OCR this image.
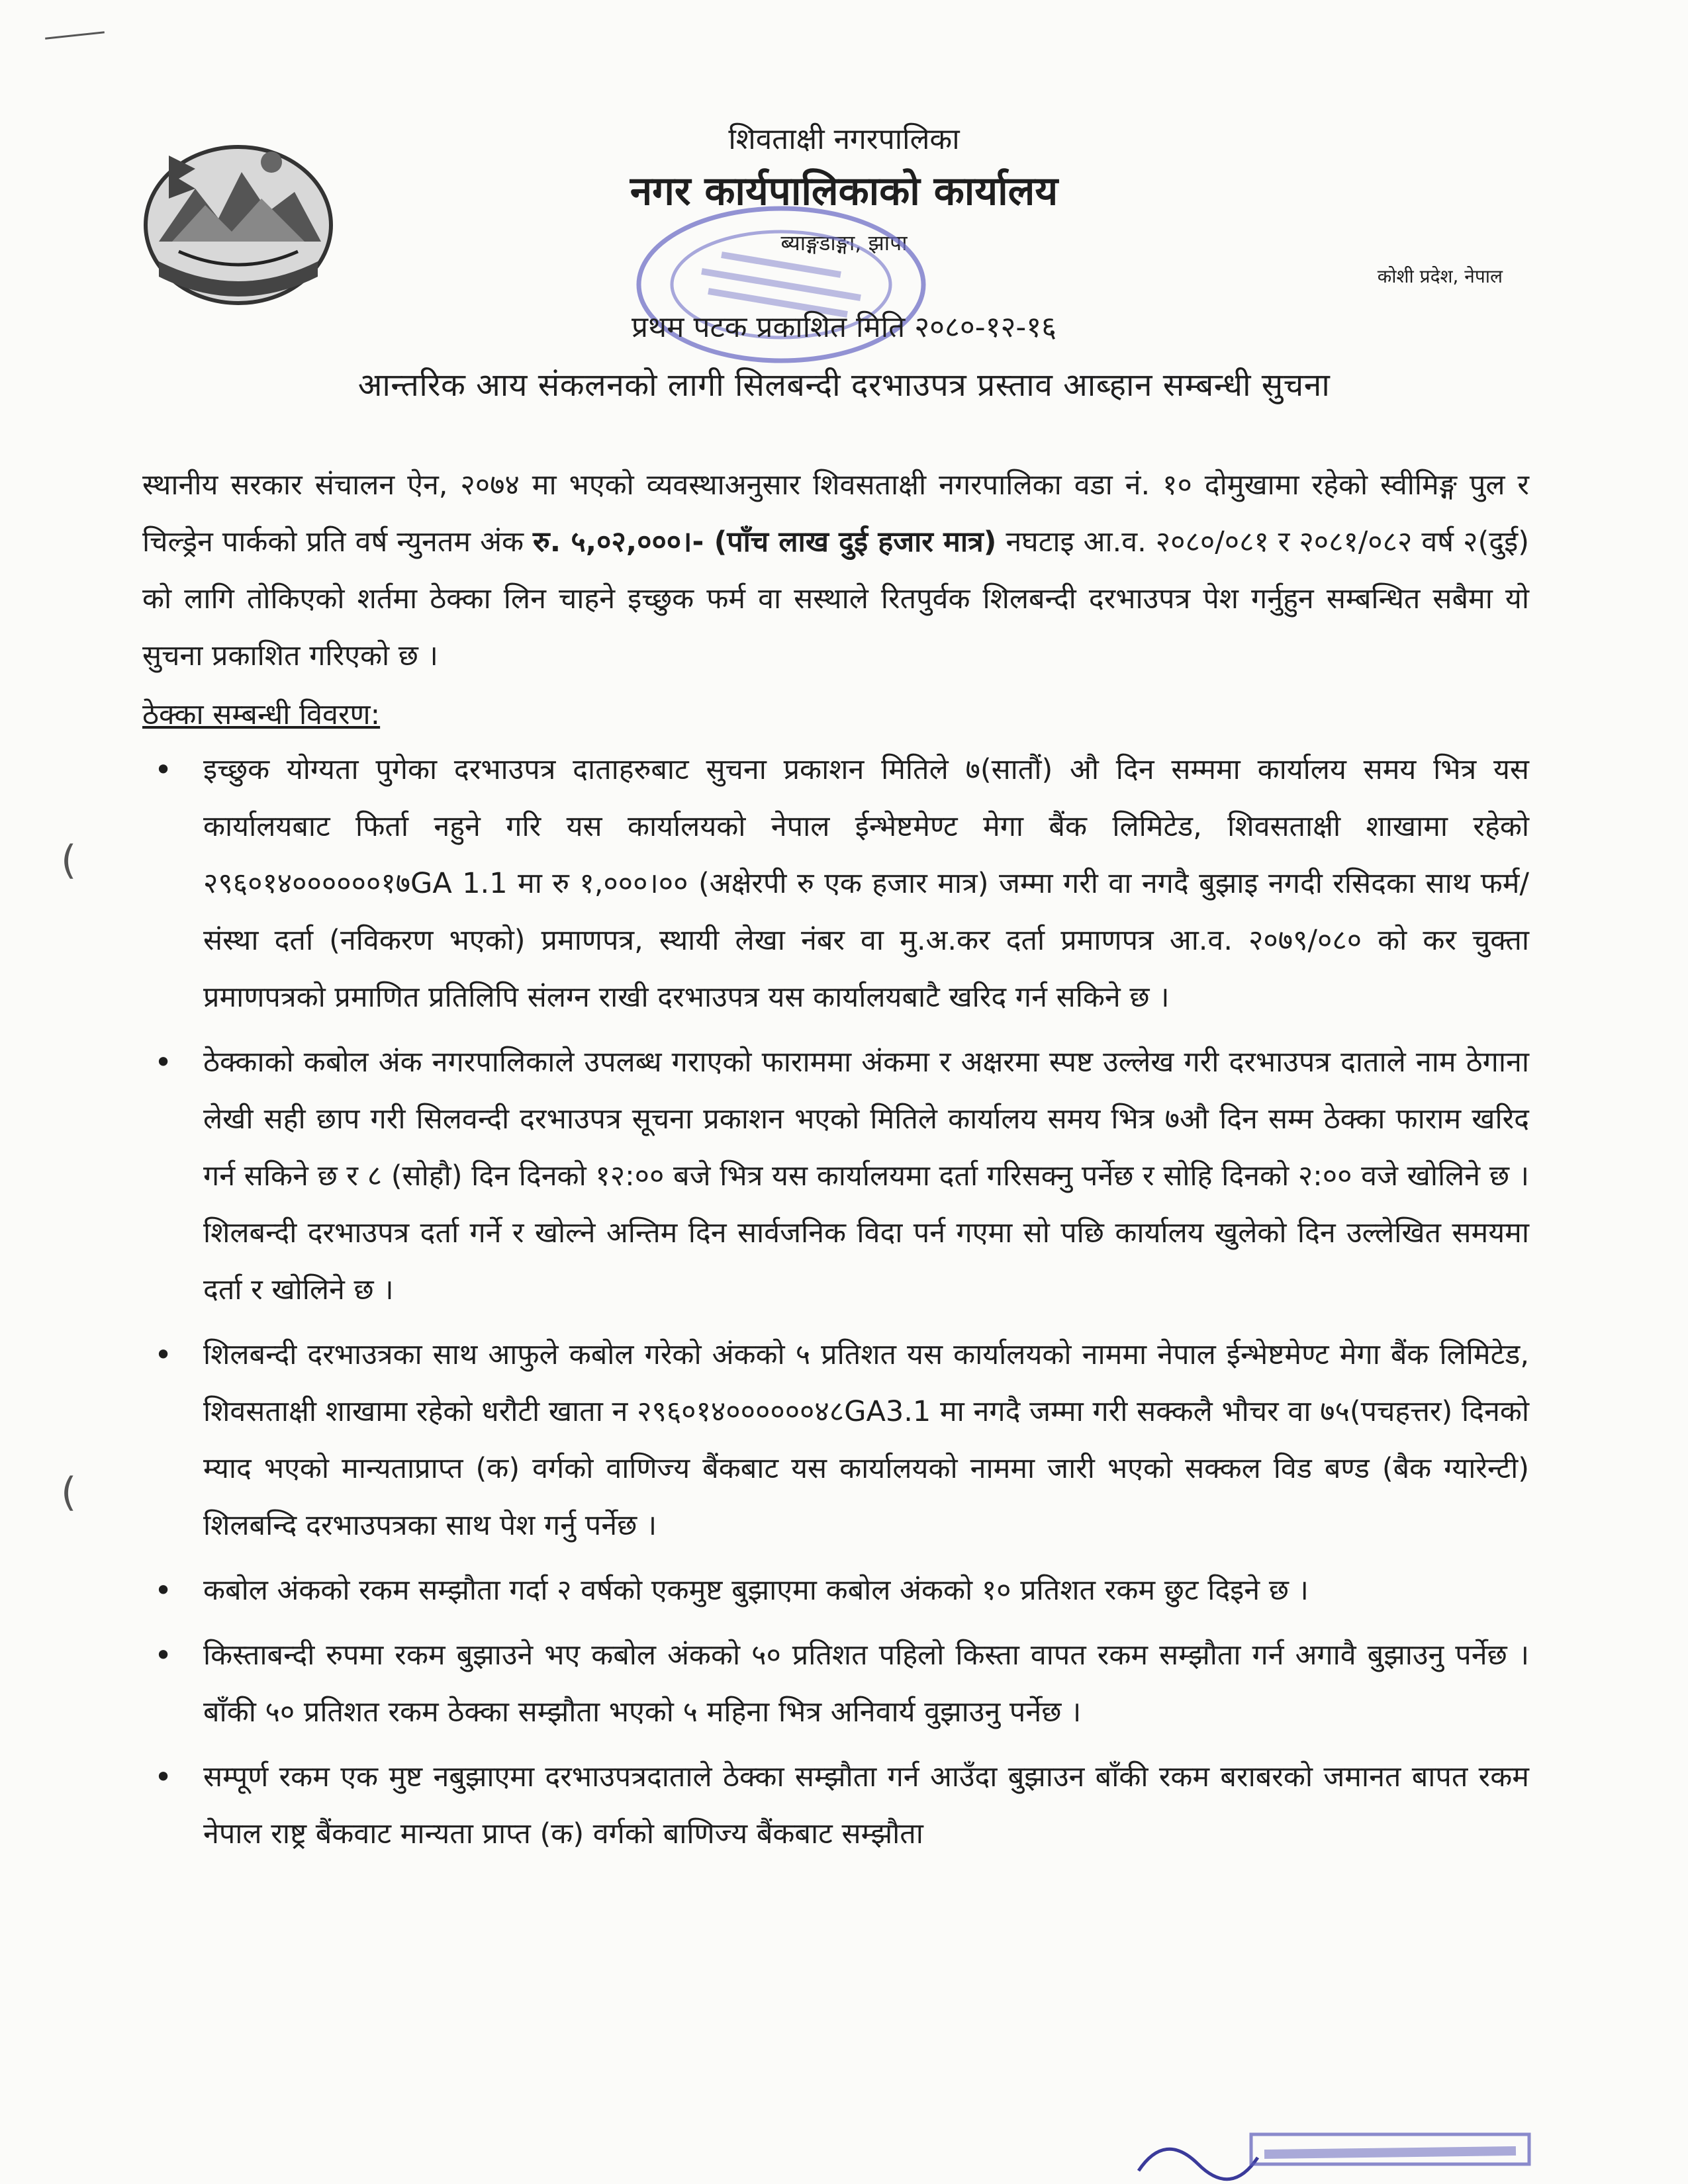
शिवताक्षी नगरपालिका
नगर कार्यपालिकाको कार्यालय
ब्याङ्गडाङ्गा, झापा
कोशी प्रदेश, नेपाल
प्रथम पटक प्रकाशित मिति २०८०-१२-१६
आन्तरिक आय संकलनको लागी सिलबन्दी दरभाउपत्र प्रस्ताव आब्हान सम्बन्धी सुचना
स्थानीय सरकार संचालन ऐन, २०७४ मा भएको व्यवस्थाअनुसार शिवसताक्षी नगरपालिका वडा नं. १० दोमुखामा रहेको स्वीमिङ्ग पुल र चिल्ड्रेन पार्कको प्रति वर्ष न्युनतम अंक रु. ५,०२,०००।- (पाँच लाख दुई हजार मात्र) नघटाइ आ.व. २०८०/०८१ र २०८१/०८२ वर्ष २(दुई) को लागि तोकिएको शर्तमा ठेक्का लिन चाहने इच्छुक फर्म वा सस्थाले रितपुर्वक शिलबन्दी दरभाउपत्र पेश गर्नुहुन सम्बन्धित सबैमा यो सुचना प्रकाशित गरिएको छ ।
ठेक्का सम्बन्धी विवरण:
• इच्छुक योग्यता पुगेका दरभाउपत्र दाताहरुबाट सुचना प्रकाशन मितिले ७(सातौं) औ दिन सम्ममा कार्यालय समय भित्र यस कार्यालयबाट फिर्ता नहुने गरि यस कार्यालयको नेपाल ईन्भेष्टमेण्ट मेगा बैंक लिमिटेड, शिवसताक्षी शाखामा रहेको २९६०१४००००००१७GA 1.1 मा रु १,०००।०० (अक्षेरपी रु एक हजार मात्र) जम्मा गरी वा नगदै बुझाइ नगदी रसिदका साथ फर्म/संस्था दर्ता (नविकरण भएको) प्रमाणपत्र, स्थायी लेखा नंबर वा मु.अ.कर दर्ता प्रमाणपत्र आ.व. २०७९/०८० को कर चुक्ता प्रमाणपत्रको प्रमाणित प्रतिलिपि संलग्न राखी दरभाउपत्र यस कार्यालयबाटै खरिद गर्न सकिने छ ।
• ठेक्काको कबोल अंक नगरपालिकाले उपलब्ध गराएको फाराममा अंकमा र अक्षरमा स्पष्ट उल्लेख गरी दरभाउपत्र दाताले नाम ठेगाना लेखी सही छाप गरी सिलवन्दी दरभाउपत्र सूचना प्रकाशन भएको मितिले कार्यालय समय भित्र ७औ दिन सम्म ठेक्का फाराम खरिद गर्न सकिने छ र ८ (सोहौ) दिन दिनको १२:०० बजे भित्र यस कार्यालयमा दर्ता गरिसक्नु पर्नेछ र सोहि दिनको २:०० वजे खोलिने छ । शिलबन्दी दरभाउपत्र दर्ता गर्ने र खोल्ने अन्तिम दिन सार्वजनिक विदा पर्न गएमा सो पछि कार्यालय खुलेको दिन उल्लेखित समयमा दर्ता र खोलिने छ ।
• शिलबन्दी दरभाउत्रका साथ आफुले कबोल गरेको अंकको ५ प्रतिशत यस कार्यालयको नाममा नेपाल ईन्भेष्टमेण्ट मेगा बैंक लिमिटेड, शिवसताक्षी शाखामा रहेको धरौटी खाता न २९६०१४००००००४८GA3.1 मा नगदै जम्मा गरी सक्कलै भौचर वा ७५(पचहत्तर) दिनको म्याद भएको मान्यताप्राप्त (क) वर्गको वाणिज्य बैंकबाट यस कार्यालयको नाममा जारी भएको सक्कल विड बण्ड (बैक ग्यारेन्टी) शिलबन्दि दरभाउपत्रका साथ पेश गर्नु पर्नेछ ।
• कबोल अंकको रकम सम्झौता गर्दा २ वर्षको एकमुष्ट बुझाएमा कबोल अंकको १० प्रतिशत रकम छुट दिइने छ ।
• किस्ताबन्दी रुपमा रकम बुझाउने भए कबोल अंकको ५० प्रतिशत पहिलो किस्ता वापत रकम सम्झौता गर्न अगावै बुझाउनु पर्नेछ । बाँकी ५० प्रतिशत रकम ठेक्का सम्झौता भएको ५ महिना भित्र अनिवार्य वुझाउनु पर्नेछ ।
• सम्पूर्ण रकम एक मुष्ट नबुझाएमा दरभाउपत्रदाताले ठेक्का सम्झौता गर्न आउँदा बुझाउन बाँकी रकम बराबरको जमानत बापत रकम नेपाल राष्ट्र बैंकवाट मान्यता प्राप्त (क) वर्गको बाणिज्य बैंकबाट सम्झौता
(
(
